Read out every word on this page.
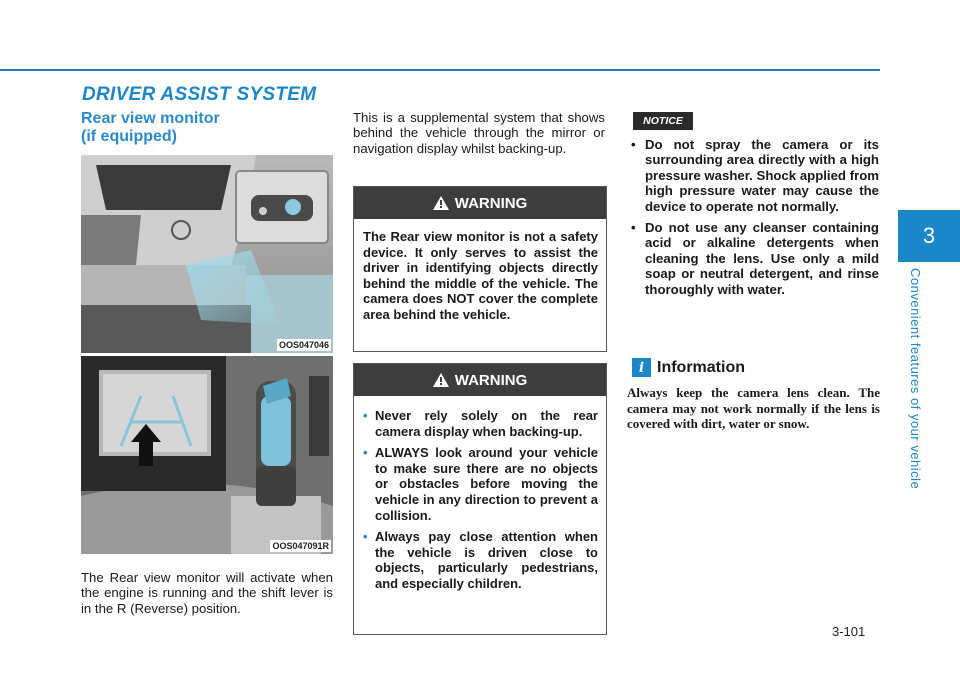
DRIVER ASSIST SYSTEM
Rear view monitor
(if equipped)
OOS047046
OOS047091R

The Rear view monitor will activate when the engine is running and the shift lever is in the R (Reverse) position.

This is a supplemental system that shows behind the vehicle through the mirror or navigation display whilst backing-up.

WARNING
The Rear view monitor is not a safety device. It only serves to assist the driver in identifying objects directly behind the middle of the vehicle. The camera does NOT cover the complete area behind the vehicle.
WARNING
• Never rely solely on the rear camera display when backing-up.
• ALWAYS look around your vehicle to make sure there are no objects or obstacles before moving the vehicle in any direction to prevent a collision.
• Always pay close attention when the vehicle is driven close to objects, particularly pedestrians, and especially children.
NOTICE
• Do not spray the camera or its surrounding area directly with a high pressure washer. Shock applied from high pressure water may cause the device to operate not normally.
• Do not use any cleanser containing acid or alkaline detergents when cleaning the lens. Use only a mild soap or neutral detergent, and rinse thoroughly with water.
i Information

Always keep the camera lens clean. The camera may not work normally if the lens is covered with dirt, water or snow.

3
Convenient features of your vehicle
3-101
